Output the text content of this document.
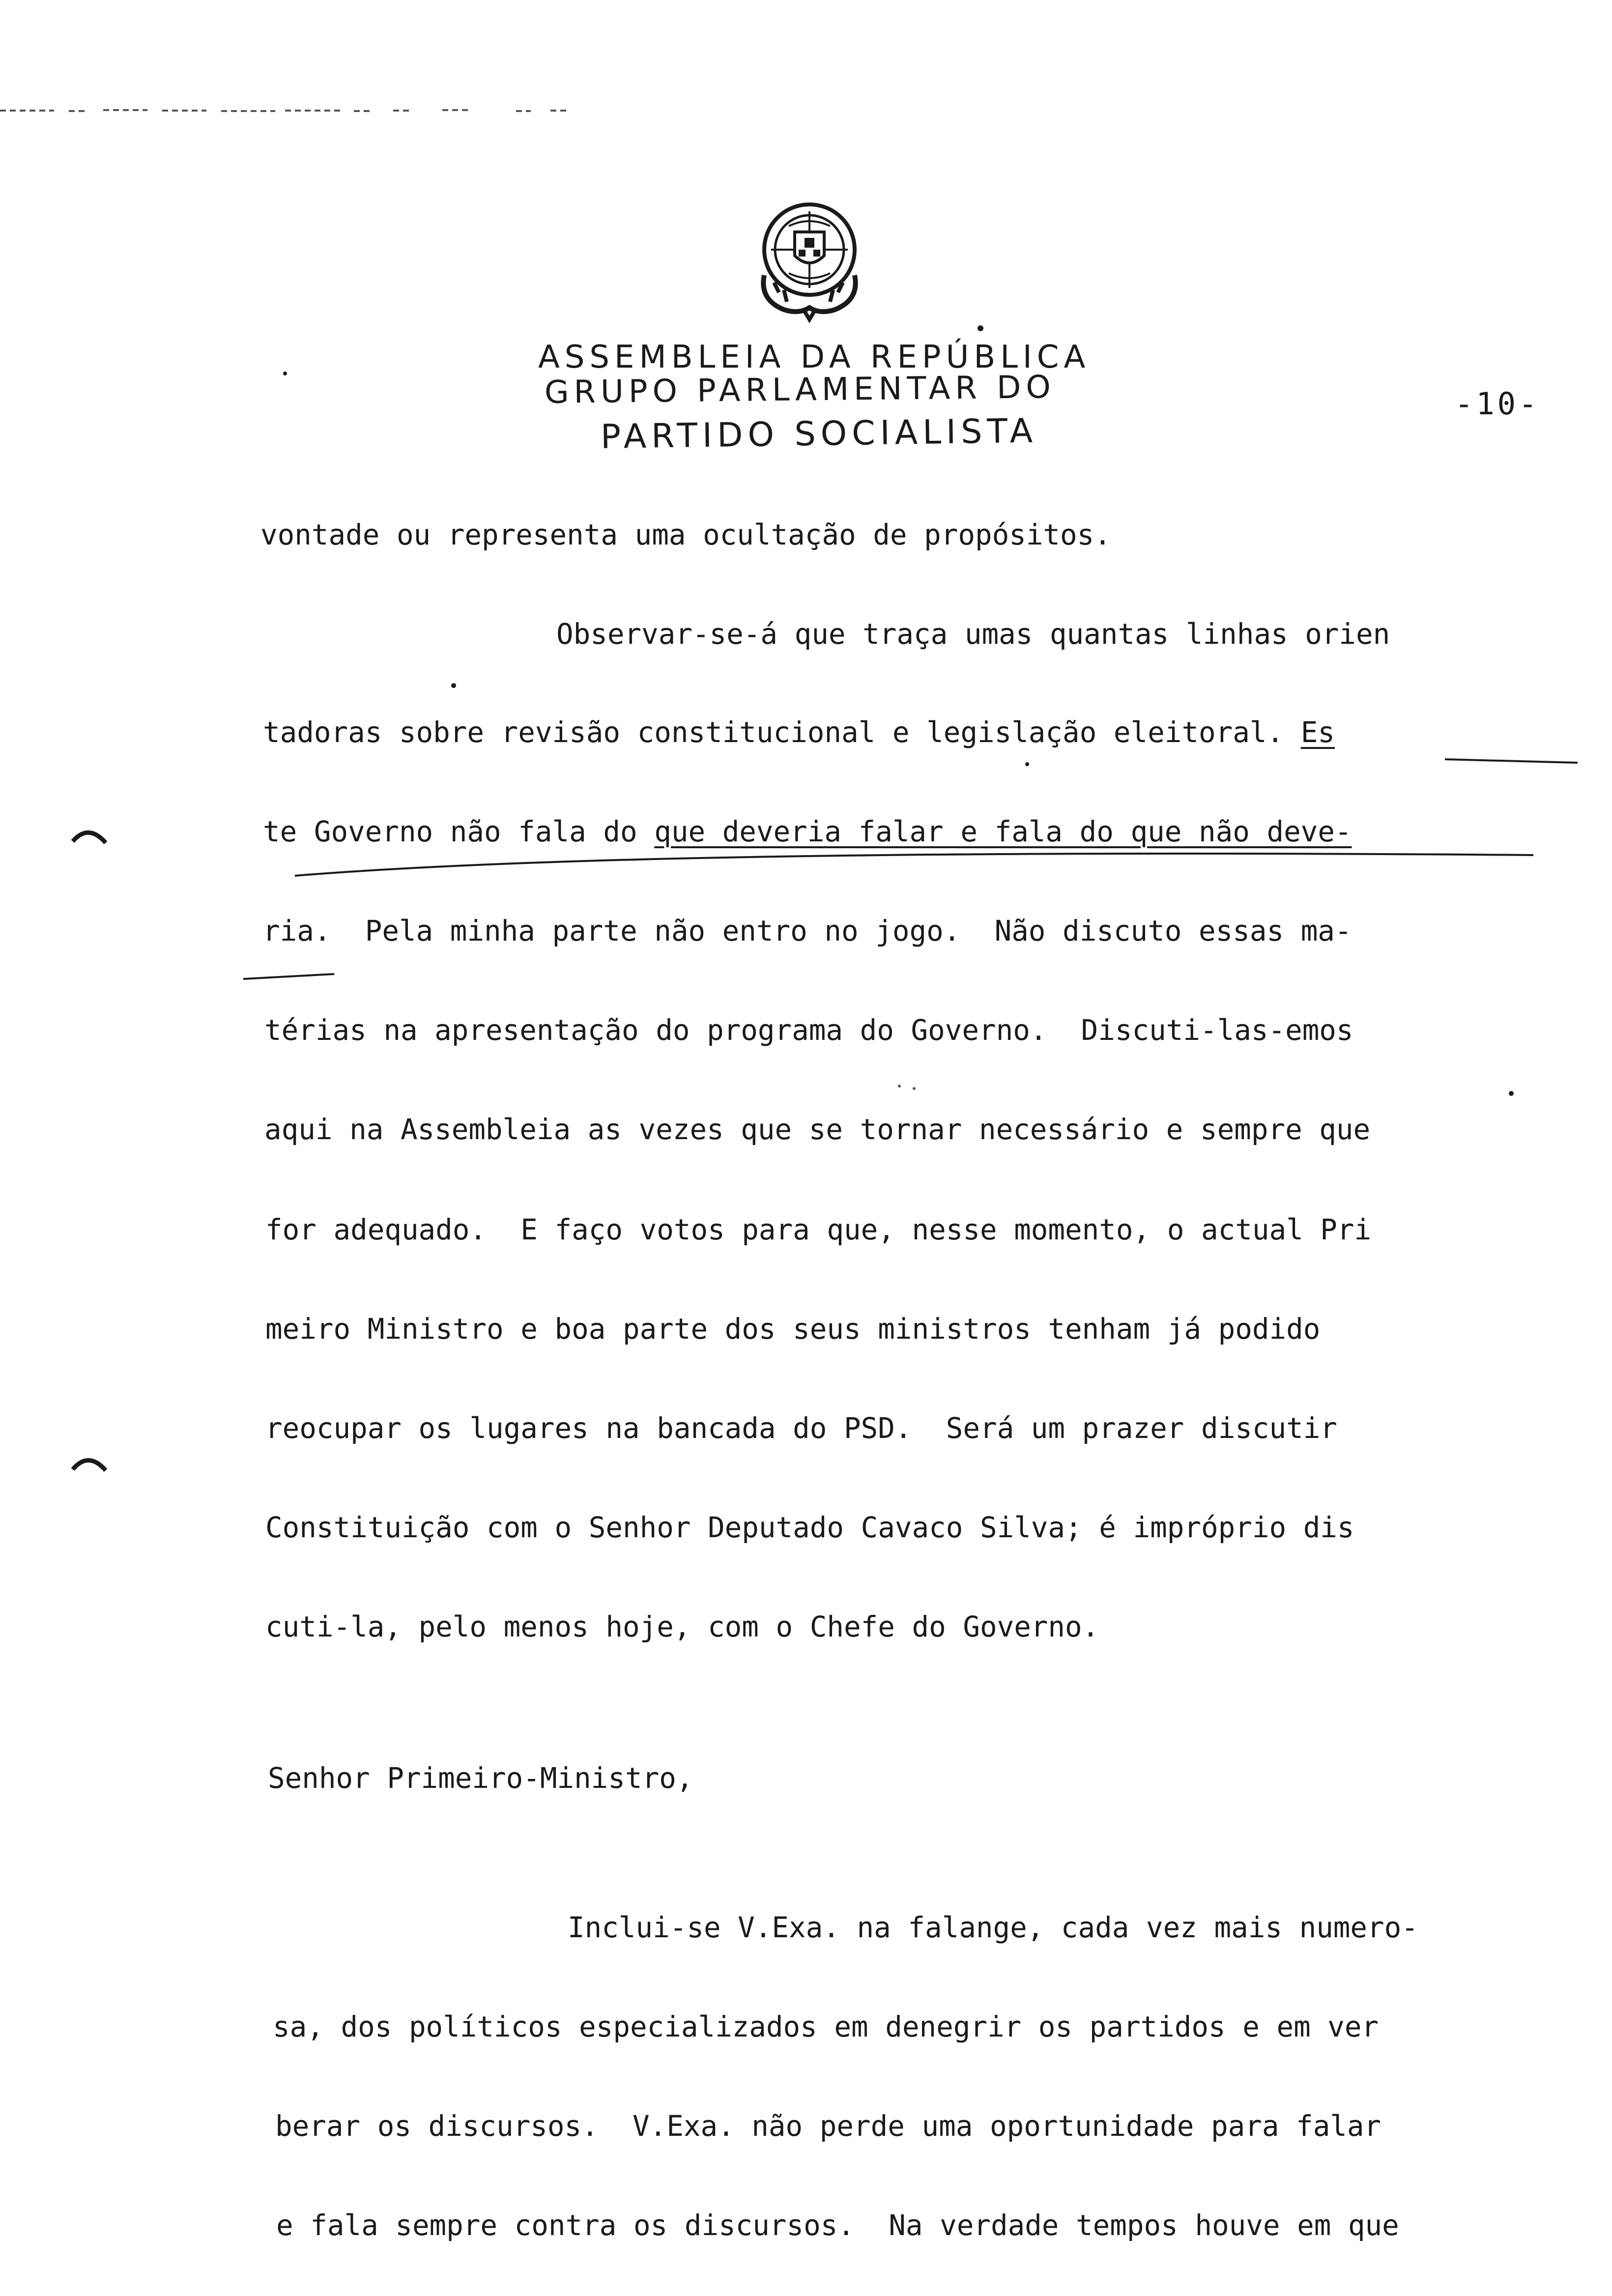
ASSEMBLEIA DA REPÚBLICA
GRUPO PARLAMENTAR DO
PARTIDO SOCIALISTA
-10-
vontade ou representa uma ocultação de propósitos.
Observar-se-á que traça umas quantas linhas orien
tadoras sobre revisão constitucional e legislação eleitoral. Es
te Governo não fala do que deveria falar e fala do que não deve-
ria.  Pela minha parte não entro no jogo.  Não discuto essas ma-
térias na apresentação do programa do Governo.  Discuti-las-emos
aqui na Assembleia as vezes que se tornar necessário e sempre que
for adequado.  E faço votos para que, nesse momento, o actual Pri
meiro Ministro e boa parte dos seus ministros tenham já podido
reocupar os lugares na bancada do PSD.  Será um prazer discutir
Constituição com o Senhor Deputado Cavaco Silva; é impróprio dis
cuti-la, pelo menos hoje, com o Chefe do Governo.
Senhor Primeiro-Ministro,
Inclui-se V.Exa. na falange, cada vez mais numero-
sa, dos políticos especializados em denegrir os partidos e em ver
berar os discursos.  V.Exa. não perde uma oportunidade para falar
e fala sempre contra os discursos.  Na verdade tempos houve em que
